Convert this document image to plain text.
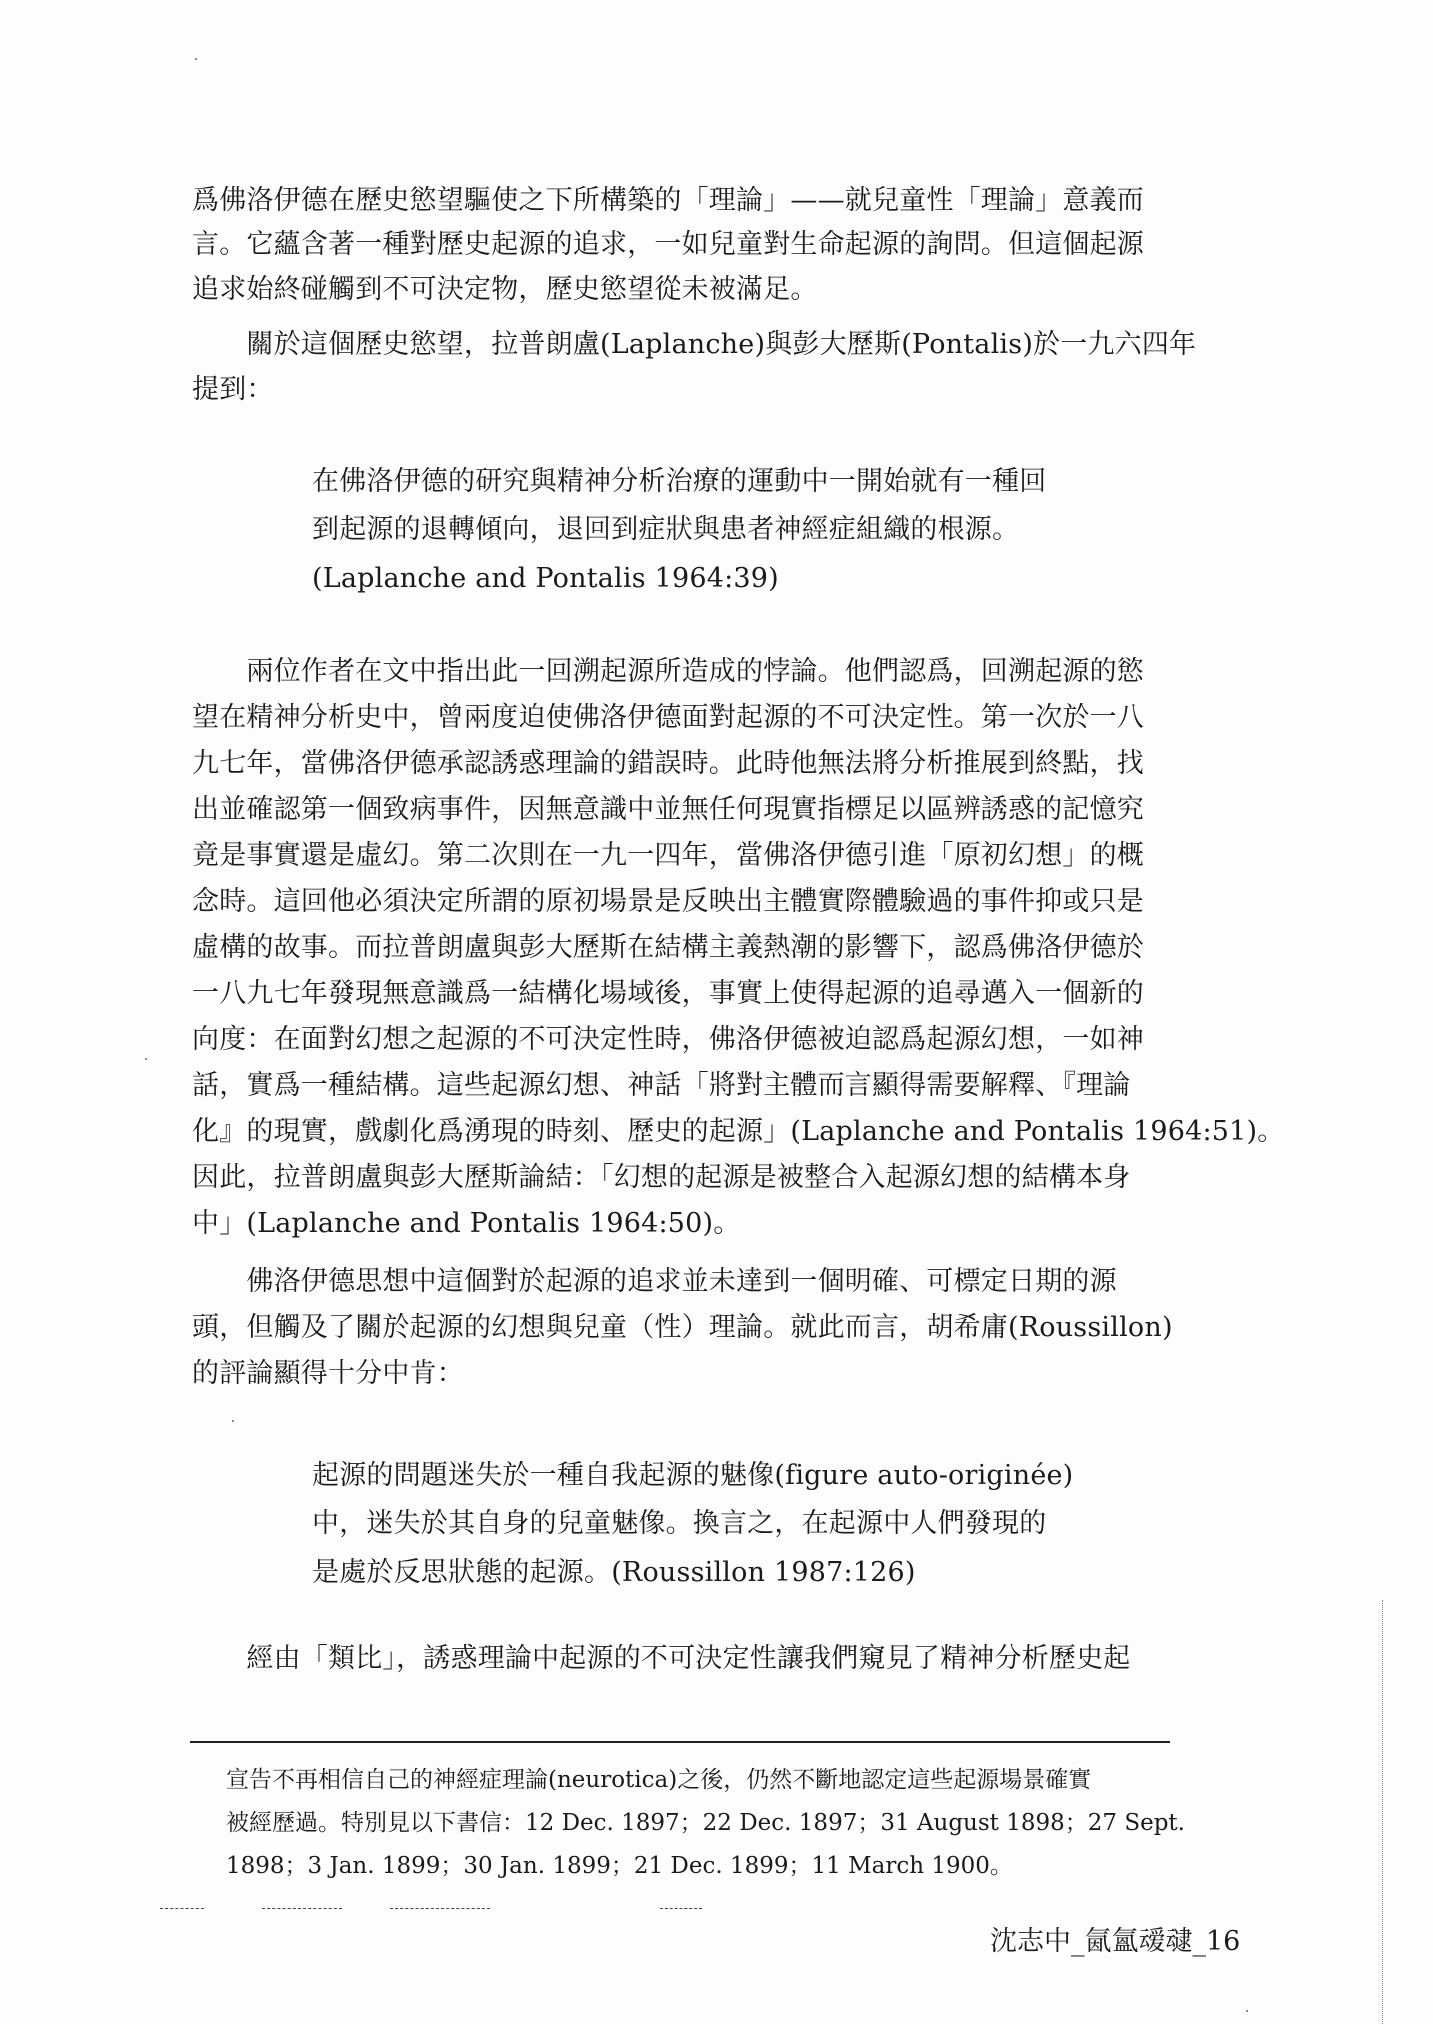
爲佛洛伊德在歷史慾望驅使之下所構築的「理論」——就兒童性「理論」意義而
言。它蘊含著一種對歷史起源的追求，一如兒童對生命起源的詢問。但這個起源
追求始終碰觸到不可決定物，歷史慾望從未被滿足。
　　關於這個歷史慾望，拉普朗盧(Laplanche)與彭大歷斯(Pontalis)於一九六四年
提到：
在佛洛伊德的研究與精神分析治療的運動中一開始就有一種回
到起源的退轉傾向，退回到症狀與患者神經症組織的根源。
(Laplanche and Pontalis 1964:39)
　　兩位作者在文中指出此一回溯起源所造成的悖論。他們認爲，回溯起源的慾
望在精神分析史中，曾兩度迫使佛洛伊德面對起源的不可決定性。第一次於一八
九七年，當佛洛伊德承認誘惑理論的錯誤時。此時他無法將分析推展到終點，找
出並確認第一個致病事件，因無意識中並無任何現實指標足以區辨誘惑的記憶究
竟是事實還是虛幻。第二次則在一九一四年，當佛洛伊德引進「原初幻想」的概
念時。這回他必須決定所謂的原初場景是反映出主體實際體驗過的事件抑或只是
虛構的故事。而拉普朗盧與彭大歷斯在結構主義熱潮的影響下，認爲佛洛伊德於
一八九七年發現無意識爲一結構化場域後，事實上使得起源的追尋邁入一個新的
向度：在面對幻想之起源的不可決定性時，佛洛伊德被迫認爲起源幻想，一如神
話，實爲一種結構。這些起源幻想、神話「將對主體而言顯得需要解釋、『理論
化』的現實，戲劇化爲湧現的時刻、歷史的起源」(Laplanche and Pontalis 1964:51)。
因此，拉普朗盧與彭大歷斯論結：「幻想的起源是被整合入起源幻想的結構本身
中」(Laplanche and Pontalis 1964:50)。
　　佛洛伊德思想中這個對於起源的追求並未達到一個明確、可標定日期的源
頭，但觸及了關於起源的幻想與兒童（性）理論。就此而言，胡希庸(Roussillon)
的評論顯得十分中肯：
起源的問題迷失於一種自我起源的魅像(figure auto-originée)
中，迷失於其自身的兒童魅像。換言之，在起源中人們發現的
是處於反思狀態的起源。(Roussillon 1987:126)
　　經由「類比」，誘惑理論中起源的不可決定性讓我們窺見了精神分析歷史起
宣告不再相信自己的神經症理論(neurotica)之後，仍然不斷地認定這些起源場景確實
被經歷過。特別見以下書信：12 Dec. 1897；22 Dec. 1897；31 August 1898；27 Sept.
1898；3 Jan. 1899；30 Jan. 1899；21 Dec. 1899；11 March 1900。
沈志中_氤氳叆叇_16
